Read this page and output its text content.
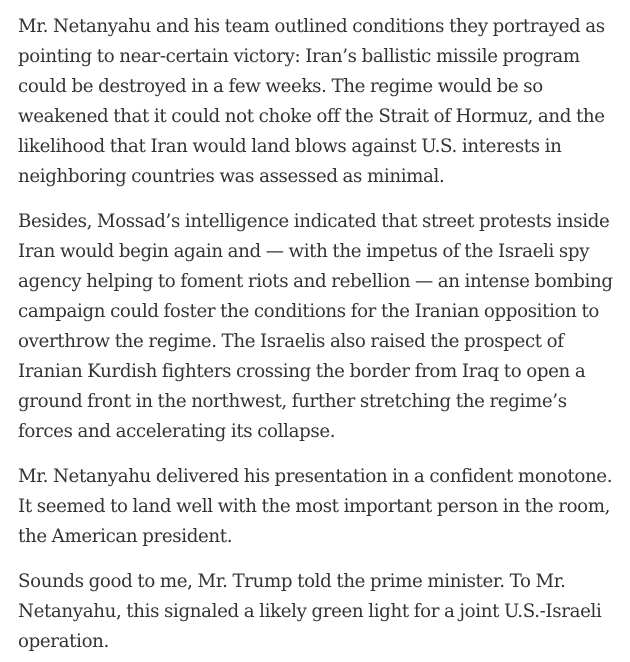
Mr. Netanyahu and his team outlined conditions they portrayed as pointing to near-certain victory: Iran’s ballistic missile program could be destroyed in a few weeks. The regime would be so weakened that it could not choke off the Strait of Hormuz, and the likelihood that Iran would land blows against U.S. interests in neighboring countries was assessed as minimal.

Besides, Mossad’s intelligence indicated that street protests inside Iran would begin again and — with the impetus of the Israeli spy agency helping to foment riots and rebellion — an intense bombing campaign could foster the conditions for the Iranian opposition to overthrow the regime. The Israelis also raised the prospect of Iranian Kurdish fighters crossing the border from Iraq to open a ground front in the northwest, further stretching the regime’s forces and accelerating its collapse.

Mr. Netanyahu delivered his presentation in a confident monotone. It seemed to land well with the most important person in the room, the American president.

Sounds good to me, Mr. Trump told the prime minister. To Mr. Netanyahu, this signaled a likely green light for a joint U.S.-Israeli operation.
